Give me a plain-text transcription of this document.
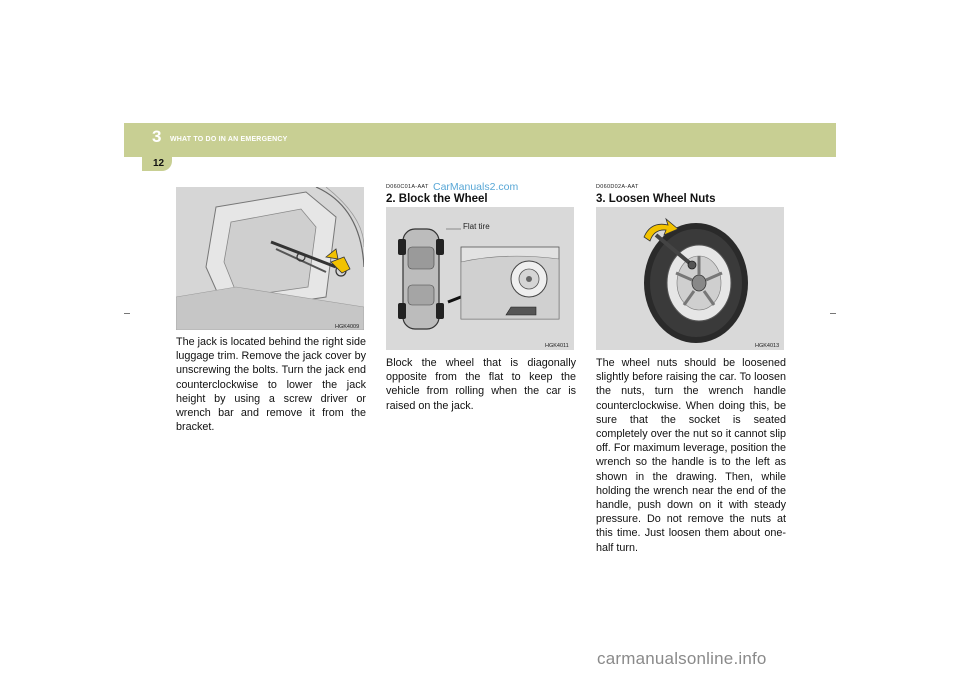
3 WHAT TO DO IN AN EMERGENCY
12
HGK4009
The jack is located behind the right side luggage trim. Remove the jack cover by unscrewing the bolts. Turn the jack end counterclockwise to lower the jack height by using a screw driver or wrench bar and remove it from the bracket.
D060C01A-AAT CarManuals2.com
2. Block the Wheel
Flat tire
HGK4011
Block the wheel that is diagonally opposite from the flat to keep the vehicle from rolling when the car is raised on the jack.
D060D02A-AAT
3. Loosen Wheel Nuts
HGK4013
The wheel nuts should be loosened slightly before raising the car. To loosen the nuts, turn the wrench handle counterclockwise. When doing this, be sure that the socket is seated completely over the nut so it cannot slip off. For maximum leverage, position the wrench so the handle is to the left as shown in the drawing. Then, while holding the wrench near the end of the handle, push down on it with steady pressure. Do not remove the nuts at this time. Just loosen them about one-half turn.
carmanualsonline.info
